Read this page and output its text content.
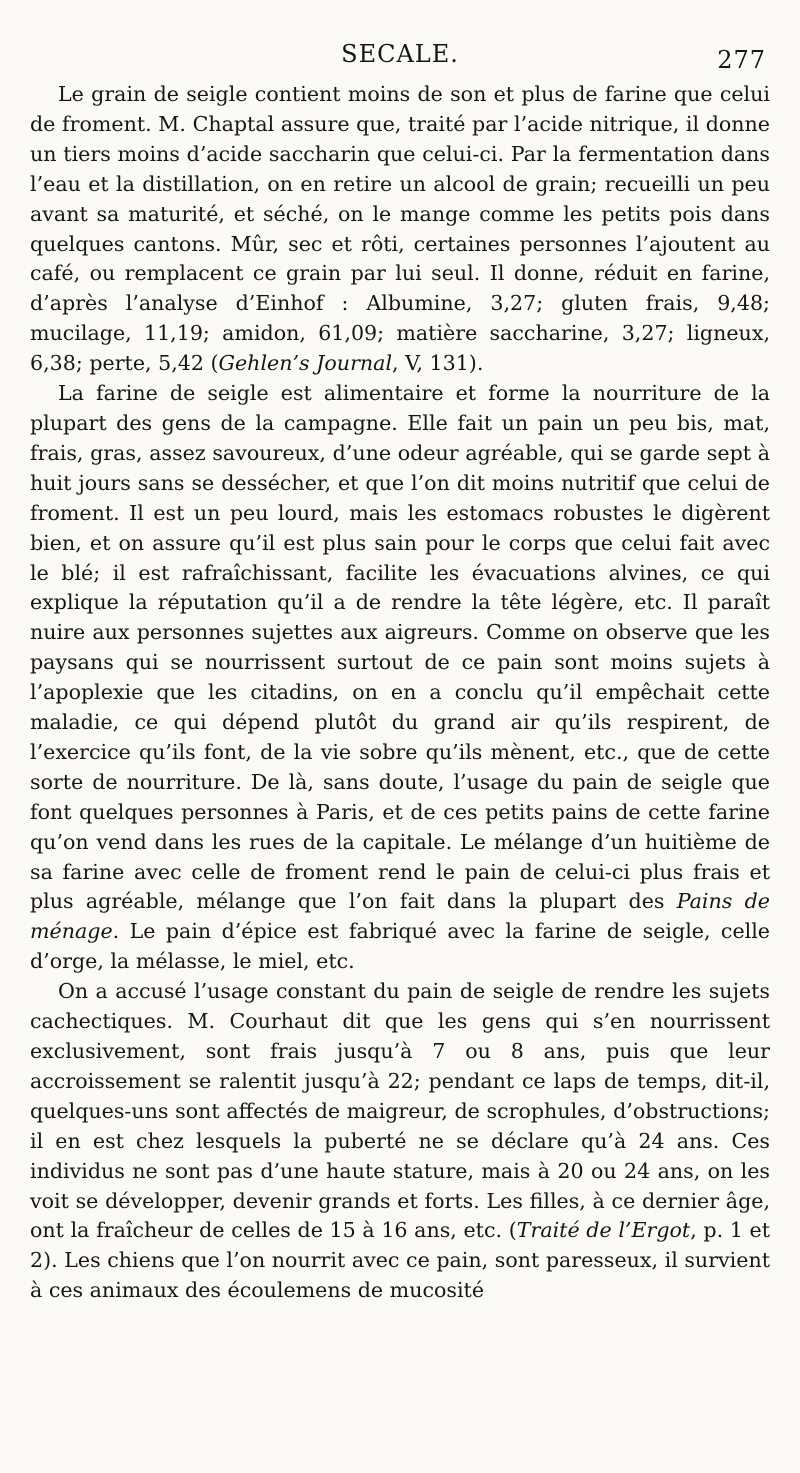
SECALE.	277

Le grain de seigle contient moins de son et plus de farine que celui de froment. M. Chaptal assure que, traité par l’acide nitrique, il donne un tiers moins d’acide saccharin que celui-ci. Par la fermentation dans l’eau et la distillation, on en retire un alcool de grain; recueilli un peu avant sa maturité, et séché, on le mange comme les petits pois dans quelques cantons. Mûr, sec et rôti, certaines personnes l’ajoutent au café, ou remplacent ce grain par lui seul. Il donne, réduit en farine, d’après l’analyse d’Einhof : Albumine, 3,27; gluten frais, 9,48; mucilage, 11,19; amidon, 61,09; matière saccharine, 3,27; ligneux, 6,38; perte, 5,42 (Gehlen’s Journal, V, 131).

La farine de seigle est alimentaire et forme la nourriture de la plupart des gens de la campagne. Elle fait un pain un peu bis, mat, frais, gras, assez savoureux, d’une odeur agréable, qui se garde sept à huit jours sans se dessécher, et que l’on dit moins nutritif que celui de froment. Il est un peu lourd, mais les estomacs robustes le digèrent bien, et on assure qu’il est plus sain pour le corps que celui fait avec le blé; il est rafraîchissant, facilite les évacuations alvines, ce qui explique la réputation qu’il a de rendre la tête légère, etc. Il paraît nuire aux personnes sujettes aux aigreurs. Comme on observe que les paysans qui se nourrissent surtout de ce pain sont moins sujets à l’apoplexie que les citadins, on en a conclu qu’il empêchait cette maladie, ce qui dépend plutôt du grand air qu’ils respirent, de l’exercice qu’ils font, de la vie sobre qu’ils mènent, etc., que de cette sorte de nourriture. De là, sans doute, l’usage du pain de seigle que font quelques personnes à Paris, et de ces petits pains de cette farine qu’on vend dans les rues de la capitale. Le mélange d’un huitième de sa farine avec celle de froment rend le pain de celui-ci plus frais et plus agréable, mélange que l’on fait dans la plupart des Pains de ménage. Le pain d’épice est fabriqué avec la farine de seigle, celle d’orge, la mélasse, le miel, etc.

On a accusé l’usage constant du pain de seigle de rendre les sujets cachectiques. M. Courhaut dit que les gens qui s’en nourrissent exclusivement, sont frais jusqu’à 7 ou 8 ans, puis que leur accroissement se ralentit jusqu’à 22; pendant ce laps de temps, dit-il, quelques-uns sont affectés de maigreur, de scrophules, d’obstructions; il en est chez lesquels la puberté ne se déclare qu’à 24 ans. Ces individus ne sont pas d’une haute stature, mais à 20 ou 24 ans, on les voit se développer, devenir grands et forts. Les filles, à ce dernier âge, ont la fraîcheur de celles de 15 à 16 ans, etc. (Traité de l’Ergot, p. 1 et 2). Les chiens que l’on nourrit avec ce pain, sont paresseux, il survient à ces animaux des écoulemens de mucosité
